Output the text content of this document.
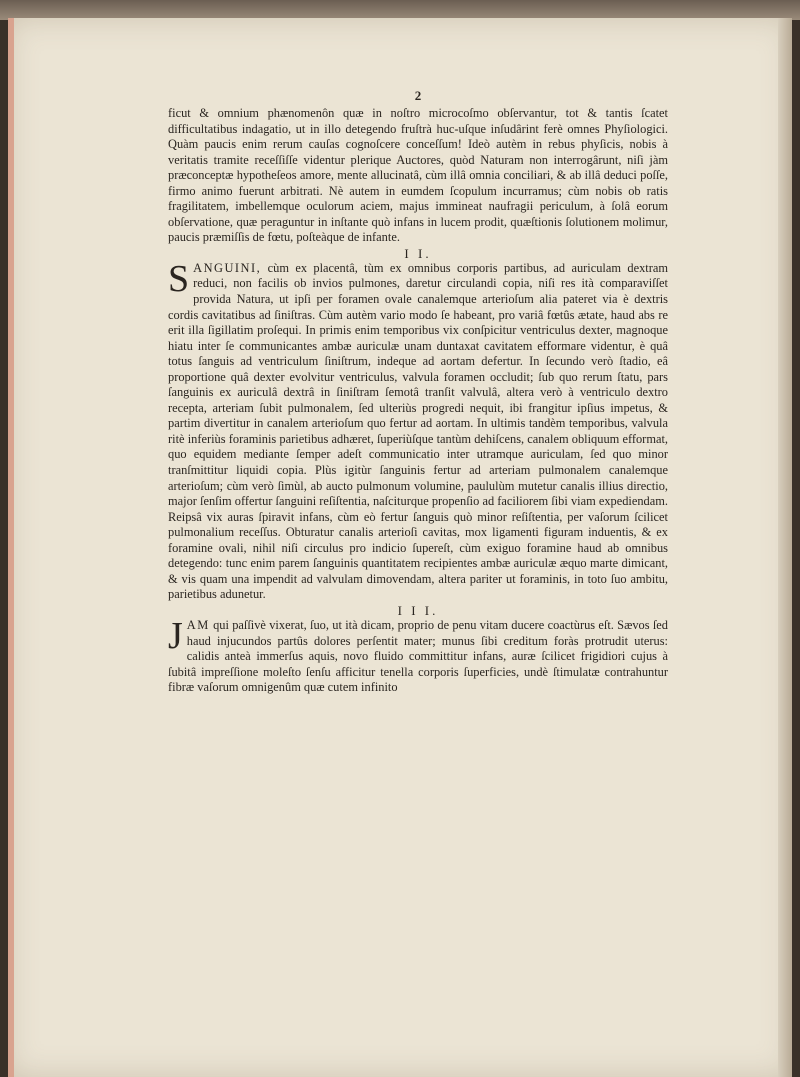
2

ficut & omnium phænomenôn quæ in noſtro microcoſmo obſervantur, tot & tantis ſcatet difficultatibus indagatio, ut in illo detegendo fruſtrà huc-uſque inſudârint ferè omnes Phyſiologici. Quàm paucis enim rerum cauſas cognoſcere conceſſum! Ideò autèm in rebus phyſicis, nobis à veritatis tramite receſſiſſe videntur plerique Auctores, quòd Naturam non interrogârunt, niſi jàm præconceptæ hypotheſeos amore, mente allucinatâ, cùm illâ omnia conciliari, & ab illâ deduci poſſe, firmo animo fuerunt arbitrati. Nè autem in eumdem ſcopulum incurramus; cùm nobis ob ratis fragilitatem, imbellemque oculorum aciem, majus immineat naufragii periculum, à ſolâ eorum obſervatione, quæ peraguntur in inſtante quò infans in lucem prodit, quæſtionis ſolutionem molimur, paucis præmiſſis de fœtu, poſteàque de infante.

I I.

SANGUINI, cùm ex placentâ, tùm ex omnibus corporis partibus, ad auriculam dextram reduci, non facilis ob invios pulmones, daretur circulandi copia, niſi res ità comparaviſſet provida Natura, ut ipſi per foramen ovale canalemque arterioſum alia pateret via è dextris cordis cavitatibus ad ſiniſtras. Cùm autèm vario modo ſe habeant, pro variâ fœtûs ætate, haud abs re erit illa ſigillatim proſequi. In primis enim temporibus vix conſpicitur ventriculus dexter, magnoque hiatu inter ſe communicantes ambæ auriculæ unam duntaxat cavitatem efformare videntur, è quâ totus ſanguis ad ventriculum ſiniſtrum, indeque ad aortam defertur. In ſecundo verò ſtadio, eâ proportione quâ dexter evolvitur ventriculus, valvula foramen occludit; ſub quo rerum ſtatu, pars ſanguinis ex auriculâ dextrâ in ſiniſtram ſemotâ tranſit valvulâ, altera verò à ventriculo dextro recepta, arteriam ſubit pulmonalem, ſed ulteriùs progredi nequit, ibi frangitur ipſius impetus, & partim divertitur in canalem arterioſum quo fertur ad aortam. In ultimis tandèm temporibus, valvula ritè inferiùs foraminis parietibus adhæret, ſuperiùſque tantùm dehiſcens, canalem obliquum efformat, quo equidem mediante ſemper adeſt communicatio inter utramque auriculam, ſed quo minor tranſmittitur liquidi copia. Plùs igitùr ſanguinis fertur ad arteriam pulmonalem canalemque arterioſum; cùm verò ſimùl, ab aucto pulmonum volumine, paululùm mutetur canalis illius directio, major ſenſim offertur ſanguini reſiſtentia, naſciturque propenſio ad faciliorem ſibi viam expediendam. Reipsâ vix auras ſpiravit infans, cùm eò fertur ſanguis quò minor reſiſtentia, per vaſorum ſcilicet pulmonalium receſſus. Obturatur canalis arterioſi cavitas, mox ligamenti figuram induentis, & ex foramine ovali, nihil niſi circulus pro indicio ſupereſt, cùm exiguo foramine haud ab omnibus detegendo: tunc enim parem ſanguinis quantitatem recipientes ambæ auriculæ æquo marte dimicant, & vis quam una impendit ad valvulam dimovendam, altera pariter ut foraminis, in toto ſuo ambitu, parietibus adunetur.

I I I.

JAM qui paſſivè vixerat, ſuo, ut ità dicam, proprio de penu vitam ducere coactùrus eſt. Sævos ſed haud injucundos partûs dolores perſentit mater; munus ſibi creditum foràs protrudit uterus: calidis anteà immerſus aquis, novo fluido committitur infans, auræ ſcilicet frigidiori cujus à ſubitâ impreſſione moleſto ſenſu afficitur tenella corporis ſuperficies, undè ſtimulatæ contrahuntur fibræ vaſorum omnigenûm quæ cutem infinito
